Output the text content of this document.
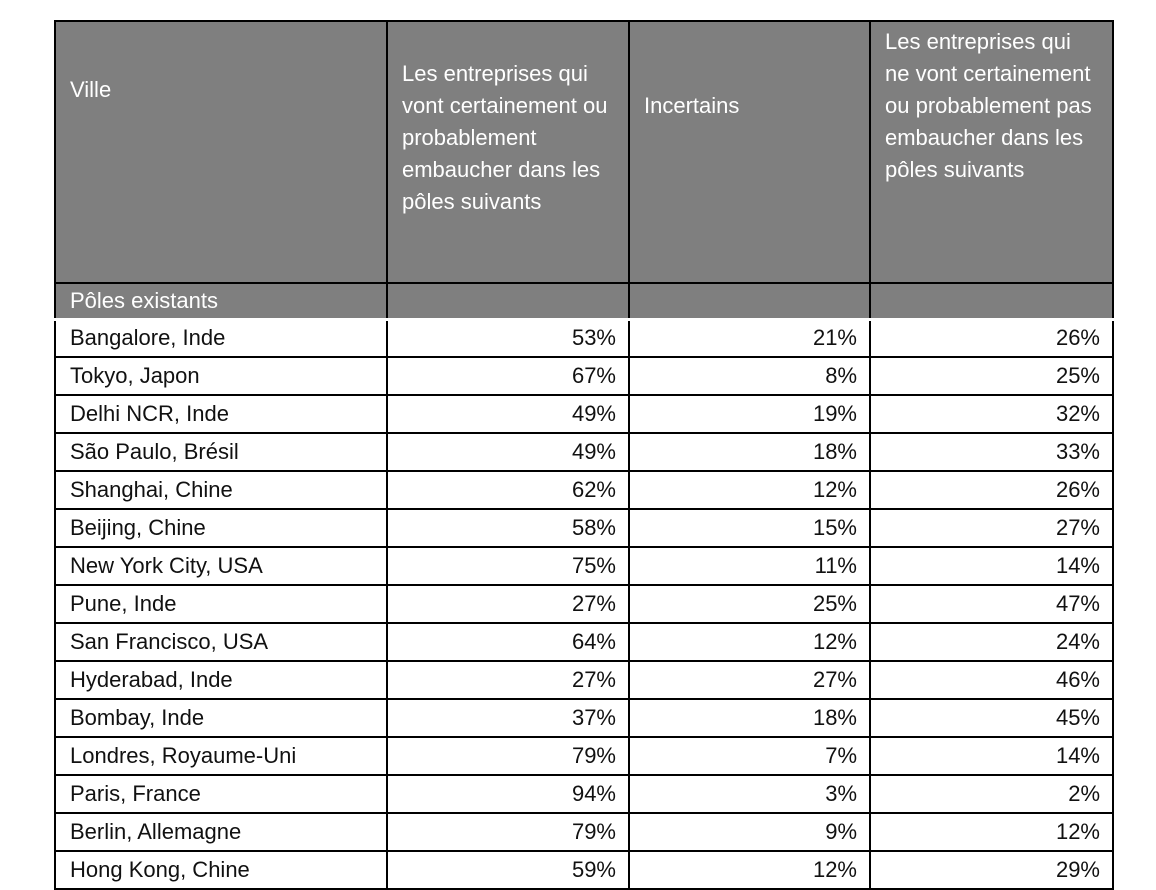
Ville	Les entreprises qui vont certainement ou probablement embaucher dans les pôles suivants	Incertains	Les entreprises qui ne vont certainement ou probablement pas embaucher dans les pôles suivants
Pôles existants			
Bangalore, Inde	53%	21%	26%
Tokyo, Japon	67%	8%	25%
Delhi NCR, Inde	49%	19%	32%
São Paulo, Brésil	49%	18%	33%
Shanghai, Chine	62%	12%	26%
Beijing, Chine	58%	15%	27%
New York City, USA	75%	11%	14%
Pune, Inde	27%	25%	47%
San Francisco, USA	64%	12%	24%
Hyderabad, Inde	27%	27%	46%
Bombay, Inde	37%	18%	45%
Londres, Royaume-Uni	79%	7%	14%
Paris, France	94%	3%	2%
Berlin, Allemagne	79%	9%	12%
Hong Kong, Chine	59%	12%	29%
